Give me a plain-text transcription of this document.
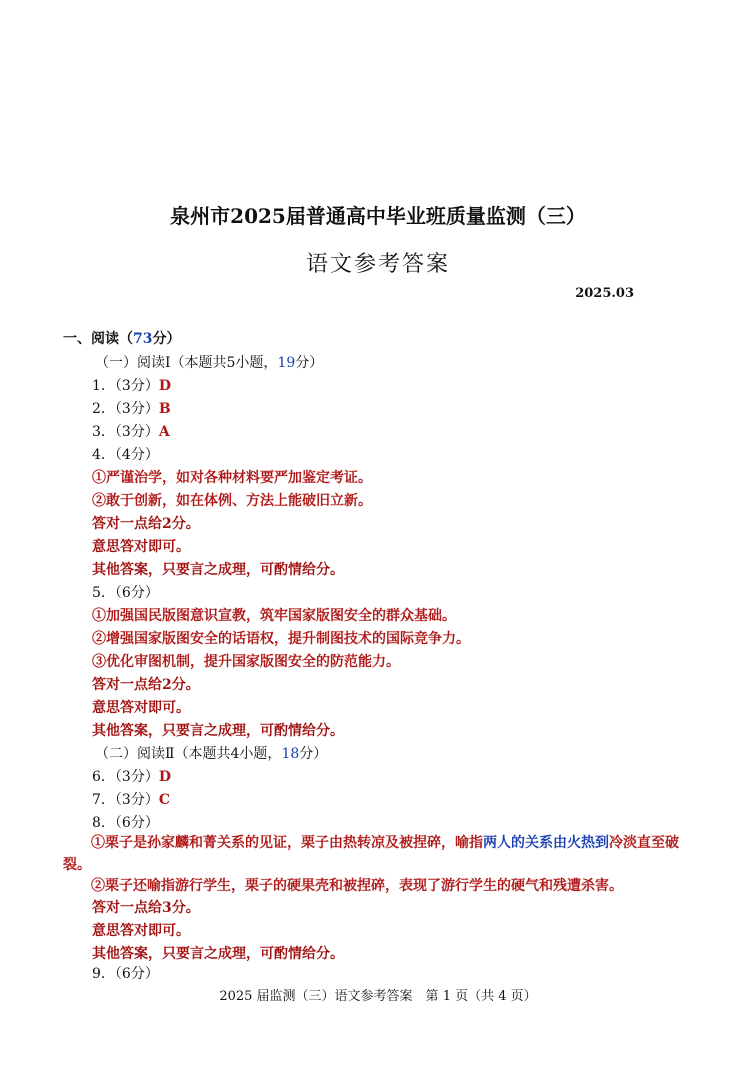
泉州市2025届普通高中毕业班质量监测（三）
语文参考答案
2025.03
一、阅读（73分）
（一）阅读Ⅰ（本题共5小题，19分）
1．（3分）D
2．（3分）B
3．（3分）A
4．（4分）
①严谨治学，如对各种材料要严加鉴定考证。
②敢于创新，如在体例、方法上能破旧立新。
答对一点给2分。
意思答对即可。
其他答案，只要言之成理，可酌情给分。
5．（6分）
①加强国民版图意识宣教，筑牢国家版图安全的群众基础。
②增强国家版图安全的话语权，提升制图技术的国际竞争力。
③优化审图机制，提升国家版图安全的防范能力。
答对一点给2分。
意思答对即可。
其他答案，只要言之成理，可酌情给分。
（二）阅读Ⅱ（本题共4小题，18分）
6．（3分）D
7．（3分）C
8．（6分）
①栗子是孙家麟和菁关系的见证，栗子由热转凉及被捏碎，喻指两人的关系由火热到冷淡直至破裂。
②栗子还喻指游行学生，栗子的硬果壳和被捏碎，表现了游行学生的硬气和残遭杀害。
答对一点给3分。
意思答对即可。
其他答案，只要言之成理，可酌情给分。
9．（6分）
2025 届监测（三）语文参考答案　第 1 页（共 4 页）
